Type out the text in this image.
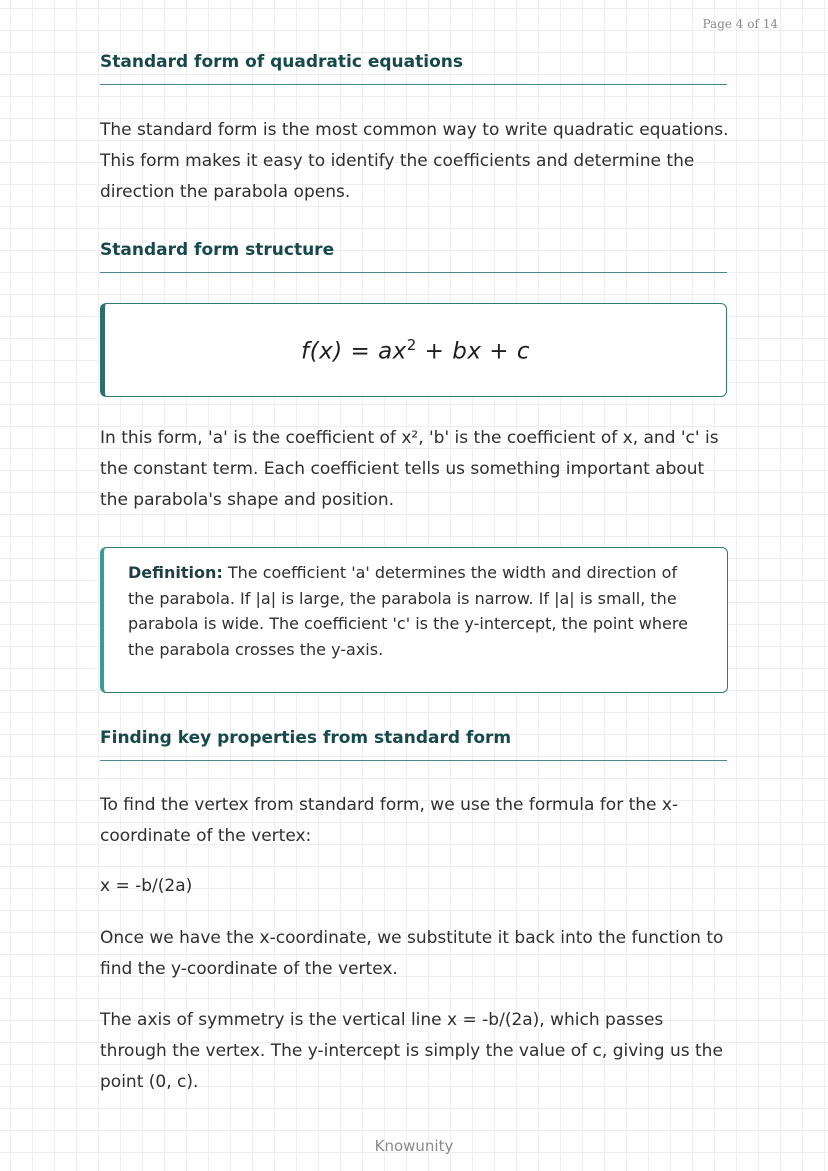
Page 4 of 14
Standard form of quadratic equations

The standard form is the most common way to write quadratic equations. This form makes it easy to identify the coefficients and determine the direction the parabola opens.

Standard form structure
$f(x) = ax^2$ + bx + c

In this form, 'a' is the coefficient of x², 'b' is the coefficient of x, and 'c' is the constant term. Each coefficient tells us something important about the parabola's shape and position.

Definition: The coefficient 'a' determines the width and direction of the parabola. If |a| is large, the parabola is narrow. If |a| is small, the parabola is wide. The coefficient 'c' is the y-intercept, the point where the parabola crosses the y-axis.
Finding key properties from standard form

To find the vertex from standard form, we use the formula for the x-coordinate of the vertex:

x = -b/(2a)

Once we have the x-coordinate, we substitute it back into the function to find the y-coordinate of the vertex.

The axis of symmetry is the vertical line x = -b/(2a), which passes through the vertex. The y-intercept is simply the value of c, giving us the point (0, c).

Knowunity
